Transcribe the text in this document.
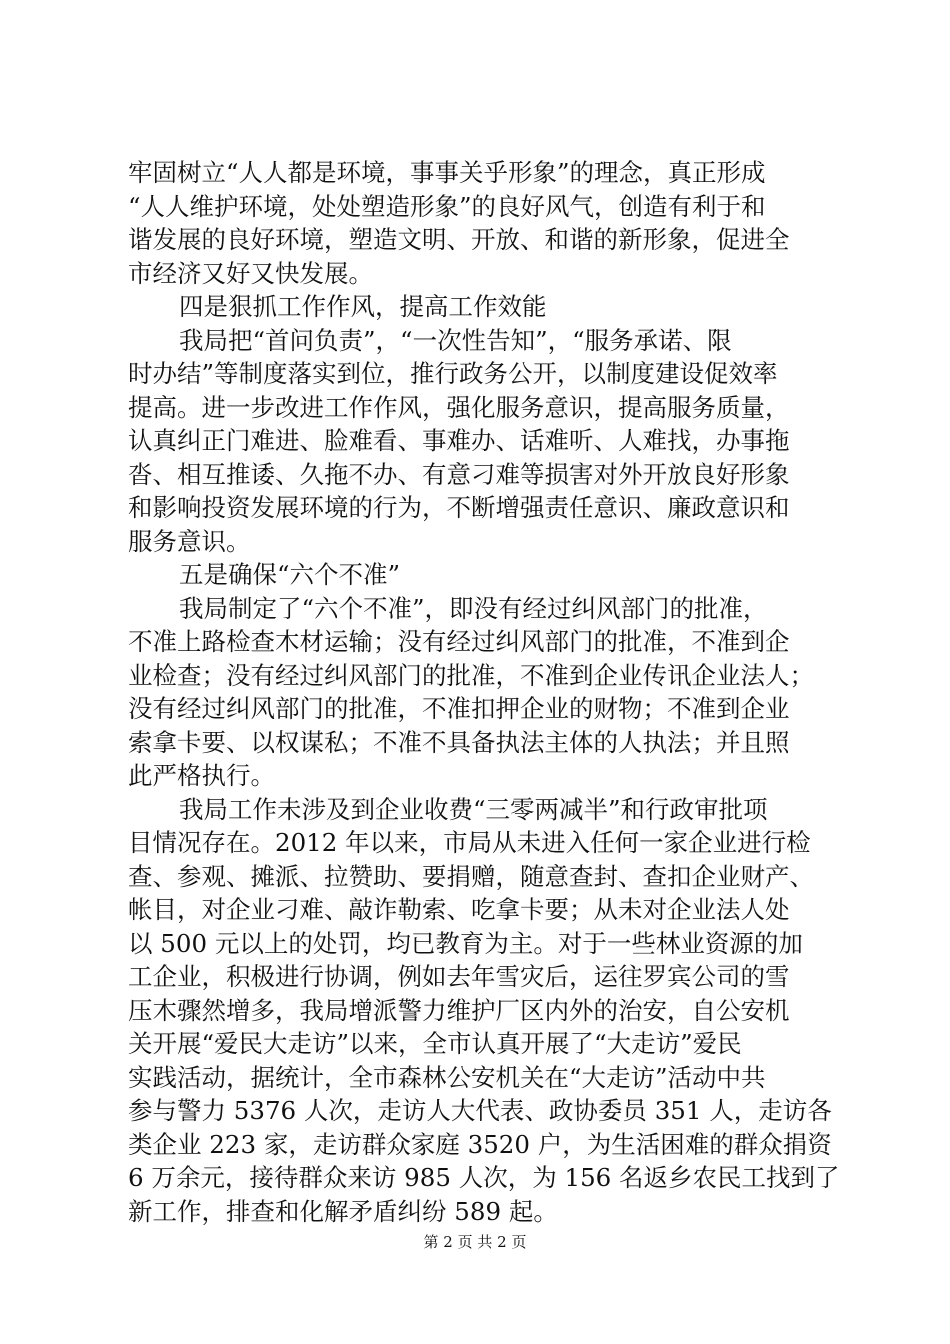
牢固树立“人人都是环境，事事关乎形象”的理念，真正形成
“人人维护环境，处处塑造形象”的良好风气，创造有利于和
谐发展的良好环境，塑造文明、开放、和谐的新形象，促进全
市经济又好又快发展。
四是狠抓工作作风，提高工作效能
我局把“首问负责”，“一次性告知”，“服务承诺、限
时办结”等制度落实到位，推行政务公开，以制度建设促效率
提高。进一步改进工作作风，强化服务意识，提高服务质量，
认真纠正门难进、脸难看、事难办、话难听、人难找，办事拖
沓、相互推诿、久拖不办、有意刁难等损害对外开放良好形象
和影响投资发展环境的行为，不断增强责任意识、廉政意识和
服务意识。
五是确保“六个不准”
我局制定了“六个不准”，即没有经过纠风部门的批准，
不准上路检查木材运输；没有经过纠风部门的批准，不准到企
业检查；没有经过纠风部门的批准，不准到企业传讯企业法人；
没有经过纠风部门的批准，不准扣押企业的财物；不准到企业
索拿卡要、以权谋私；不准不具备执法主体的人执法；并且照
此严格执行。
我局工作未涉及到企业收费“三零两减半”和行政审批项
目情况存在。2012 年以来，市局从未进入任何一家企业进行检
查、参观、摊派、拉赞助、要捐赠，随意查封、查扣企业财产、
帐目，对企业刁难、敲诈勒索、吃拿卡要；从未对企业法人处
以 500 元以上的处罚，均已教育为主。对于一些林业资源的加
工企业，积极进行协调，例如去年雪灾后，运往罗宾公司的雪
压木骤然增多，我局增派警力维护厂区内外的治安，自公安机
关开展“爱民大走访”以来，全市认真开展了“大走访”爱民
实践活动，据统计，全市森林公安机关在“大走访”活动中共
参与警力 5376 人次，走访人大代表、政协委员 351 人，走访各
类企业 223 家，走访群众家庭 3520 户，为生活困难的群众捐资
6 万余元，接待群众来访 985 人次，为 156 名返乡农民工找到了
新工作，排查和化解矛盾纠纷 589 起。
第 2 页 共 2 页
